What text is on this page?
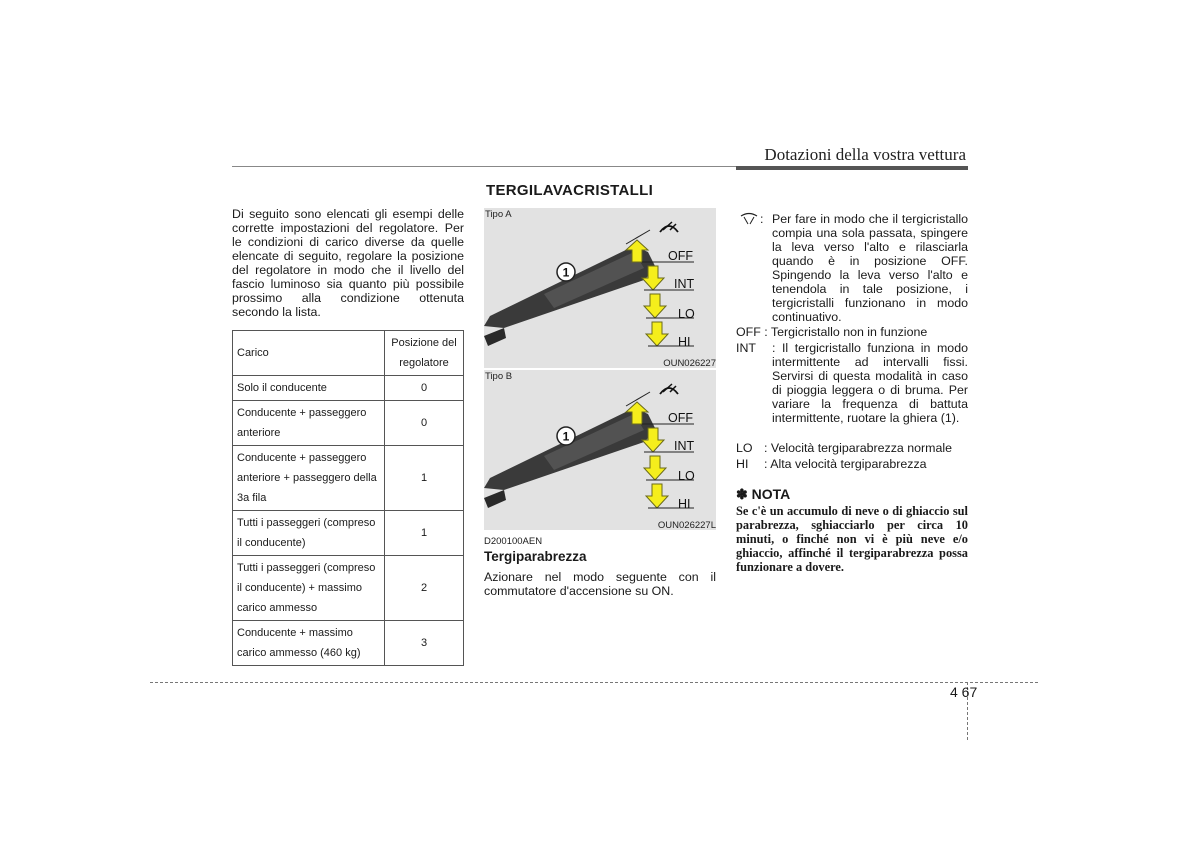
Dotazioni della vostra vettura
Di seguito sono elencati gli esempi delle corrette impostazioni del regolatore. Per le condizioni di carico diverse da quelle elencate di seguito, regolare la posizione del regolatore in modo che il livello del fascio luminoso sia quanto più possibile prossimo alla condizione ottenuta secondo la lista.
Carico	Posizione del regolatore
Solo il conducente	0
Conducente + passeggero anteriore	0
Conducente + passeggero anteriore + passeggero della 3a fila	1
Tutti i passeggeri (compreso il conducente)	1
Tutti i passeggeri (compreso il conducente) + massimo carico ammesso	2
Conducente + massimo carico ammesso (460 kg)	3
TERGILAVACRISTALLI
Tipo A
1
OFF
INT
LO
HI
OUN026227
Tipo B
1
OFF
INT
LO
HI
OUN026227L
D200100AEN
Tergiparabrezza
Azionare nel modo seguente con il commutatore d'accensione su ON.
: Per fare in modo che il tergicristallo compia una sola passata, spingere la leva verso l'alto e rilasciarla quando è in posizione OFF. Spingendo la leva verso l'alto e tenendola in tale posizione, i tergicristalli funzionano in modo continuativo.
OFF : Tergicristallo non in funzione
INT : Il tergicristallo funziona in modo intermittente ad intervalli fissi. Servirsi di questa modalità in caso di pioggia leggera o di bruma. Per variare la frequenza di battuta intermittente, ruotare la ghiera (1).
LO : Velocità tergiparabrezza normale
HI : Alta velocità tergiparabrezza
✽ NOTA
Se c'è un accumulo di neve o di ghiaccio sul parabrezza, sghiacciarlo per circa 10 minuti, o finché non vi è più neve e/o ghiaccio, affinché il tergiparabrezza possa funzionare a dovere.
4 67
